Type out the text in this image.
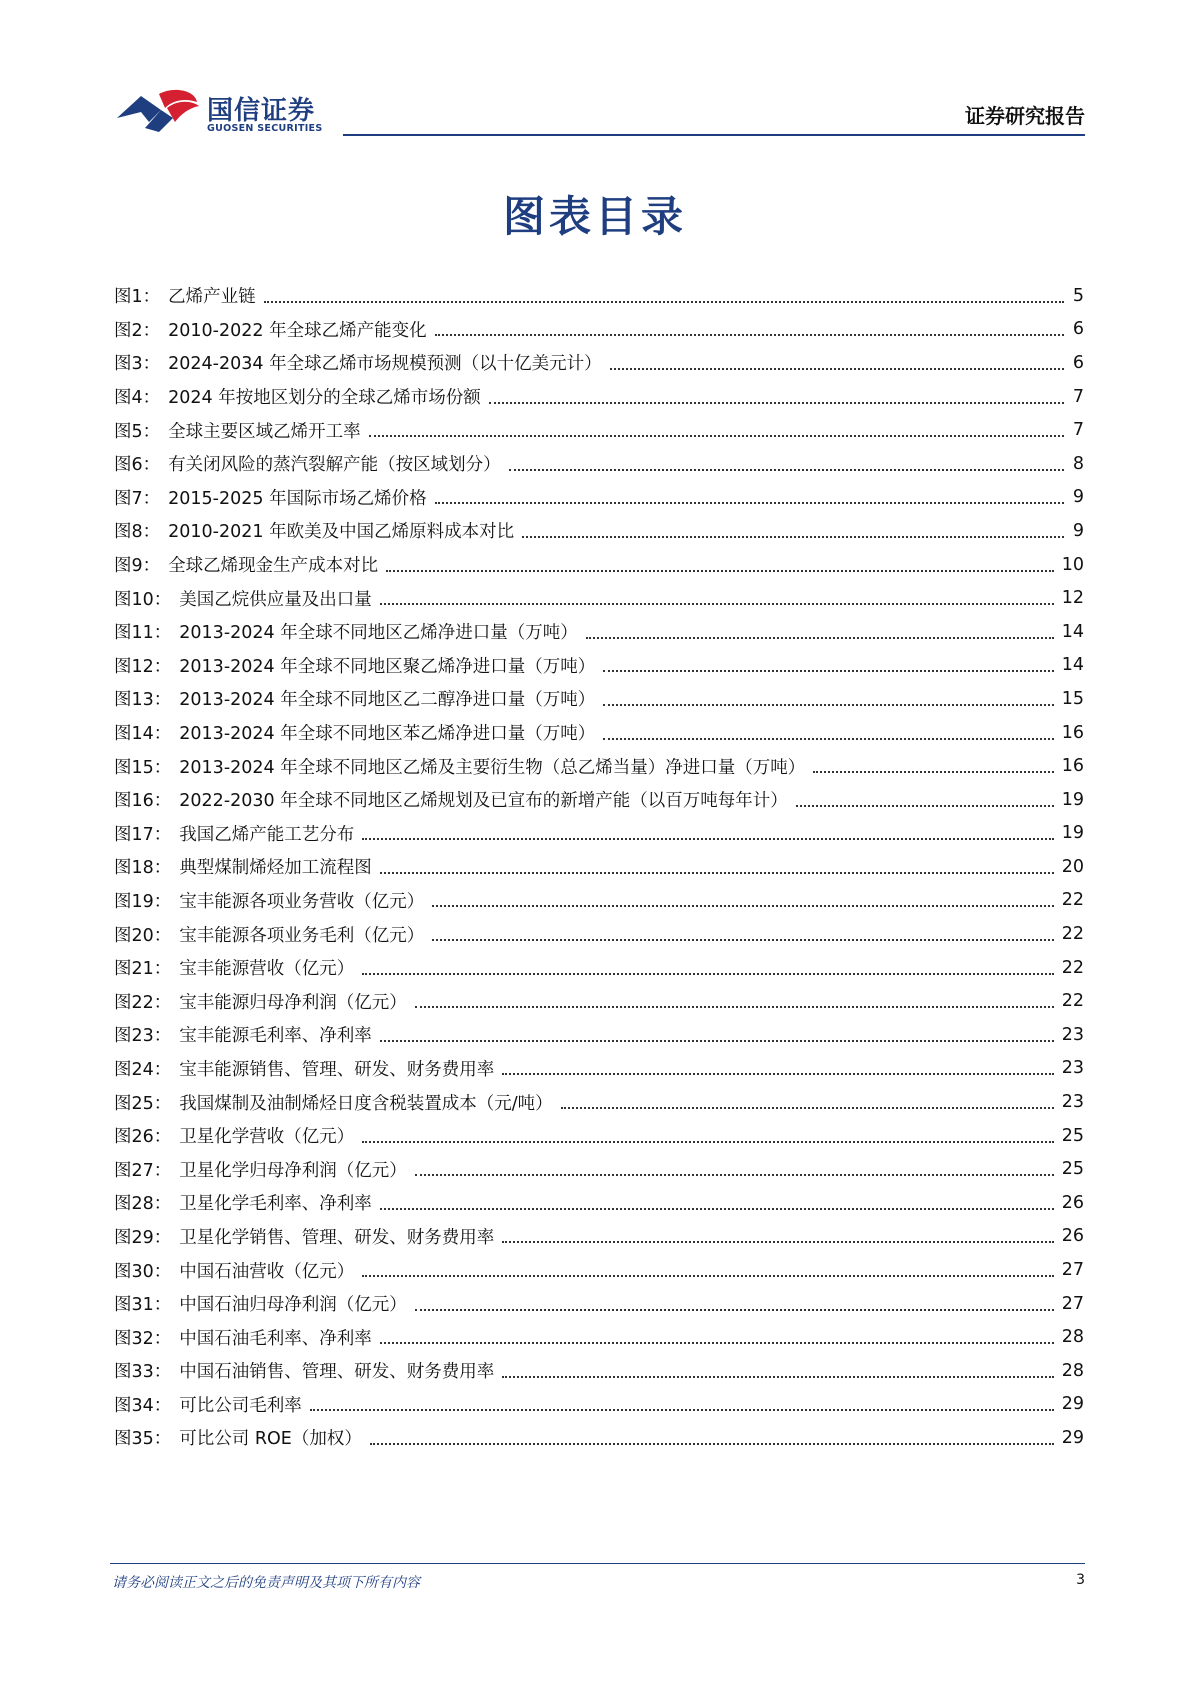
国信证券
GUOSEN SECURITIES
证券研究报告
图表目录
图1： 乙烯产业链	5
图2： 2010-2022 年全球乙烯产能变化	6
图3： 2024-2034 年全球乙烯市场规模预测（以十亿美元计）	6
图4： 2024 年按地区划分的全球乙烯市场份额	7
图5： 全球主要区域乙烯开工率	7
图6： 有关闭风险的蒸汽裂解产能（按区域划分）	8
图7： 2015-2025 年国际市场乙烯价格	9
图8： 2010-2021 年欧美及中国乙烯原料成本对比	9
图9： 全球乙烯现金生产成本对比	10
图10： 美国乙烷供应量及出口量	12
图11： 2013-2024 年全球不同地区乙烯净进口量（万吨）	14
图12： 2013-2024 年全球不同地区聚乙烯净进口量（万吨）	14
图13： 2013-2024 年全球不同地区乙二醇净进口量（万吨）	15
图14： 2013-2024 年全球不同地区苯乙烯净进口量（万吨）	16
图15： 2013-2024 年全球不同地区乙烯及主要衍生物（总乙烯当量）净进口量（万吨）	16
图16： 2022-2030 年全球不同地区乙烯规划及已宣布的新增产能（以百万吨每年计）	19
图17： 我国乙烯产能工艺分布	19
图18： 典型煤制烯烃加工流程图	20
图19： 宝丰能源各项业务营收（亿元）	22
图20： 宝丰能源各项业务毛利（亿元）	22
图21： 宝丰能源营收（亿元）	22
图22： 宝丰能源归母净利润（亿元）	22
图23： 宝丰能源毛利率、净利率	23
图24： 宝丰能源销售、管理、研发、财务费用率	23
图25： 我国煤制及油制烯烃日度含税装置成本（元/吨）	23
图26： 卫星化学营收（亿元）	25
图27： 卫星化学归母净利润（亿元）	25
图28： 卫星化学毛利率、净利率	26
图29： 卫星化学销售、管理、研发、财务费用率	26
图30： 中国石油营收（亿元）	27
图31： 中国石油归母净利润（亿元）	27
图32： 中国石油毛利率、净利率	28
图33： 中国石油销售、管理、研发、财务费用率	28
图34： 可比公司毛利率	29
图35： 可比公司 ROE（加权）	29
请务必阅读正文之后的免责声明及其项下所有内容	3
